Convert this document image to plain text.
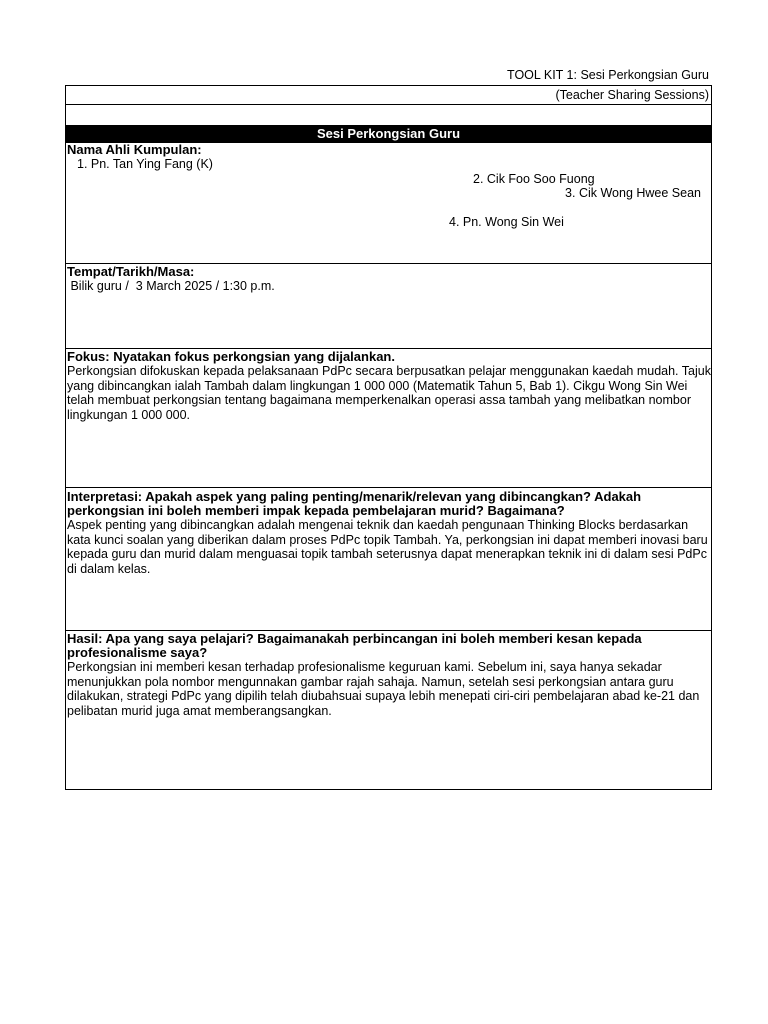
TOOL KIT 1: Sesi Perkongsian Guru
(Teacher Sharing Sessions)
Sesi Perkongsian Guru
Nama Ahli Kumpulan:
1. Pn. Tan Ying Fang (K)
2. Cik Foo Soo Fuong
3. Cik Wong Hwee Sean
4. Pn. Wong Sin Wei
Tempat/Tarikh/Masa:
Bilik guru /  3 March 2025 / 1:30 p.m.
Fokus: Nyatakan fokus perkongsian yang dijalankan.
Perkongsian difokuskan kepada pelaksanaan PdPc secara berpusatkan pelajar menggunakan kaedah mudah. Tajuk yang dibincangkan ialah Tambah dalam lingkungan 1 000 000 (Matematik Tahun 5, Bab 1). Cikgu Wong Sin Wei telah membuat perkongsian tentang bagaimana memperkenalkan operasi assa tambah yang melibatkan nombor lingkungan 1 000 000.
Interpretasi: Apakah aspek yang paling penting/menarik/relevan yang dibincangkan? Adakah perkongsian ini boleh memberi impak kepada pembelajaran murid? Bagaimana?
Aspek penting yang dibincangkan adalah mengenai teknik dan kaedah pengunaan Thinking Blocks berdasarkan kata kunci soalan yang diberikan dalam proses PdPc topik Tambah. Ya, perkongsian ini dapat memberi inovasi baru kepada guru dan murid dalam menguasai topik tambah seterusnya dapat menerapkan teknik ini di dalam sesi PdPc di dalam kelas.
Hasil: Apa yang saya pelajari? Bagaimanakah perbincangan ini boleh memberi kesan kepada profesionalisme saya?
Perkongsian ini memberi kesan terhadap profesionalisme keguruan kami. Sebelum ini, saya hanya sekadar menunjukkan pola nombor mengunnakan gambar rajah sahaja. Namun, setelah sesi perkongsian antara guru dilakukan, strategi PdPc yang dipilih telah diubahsuai supaya lebih menepati ciri-ciri pembelajaran abad ke-21 dan pelibatan murid juga amat memberangsangkan.
